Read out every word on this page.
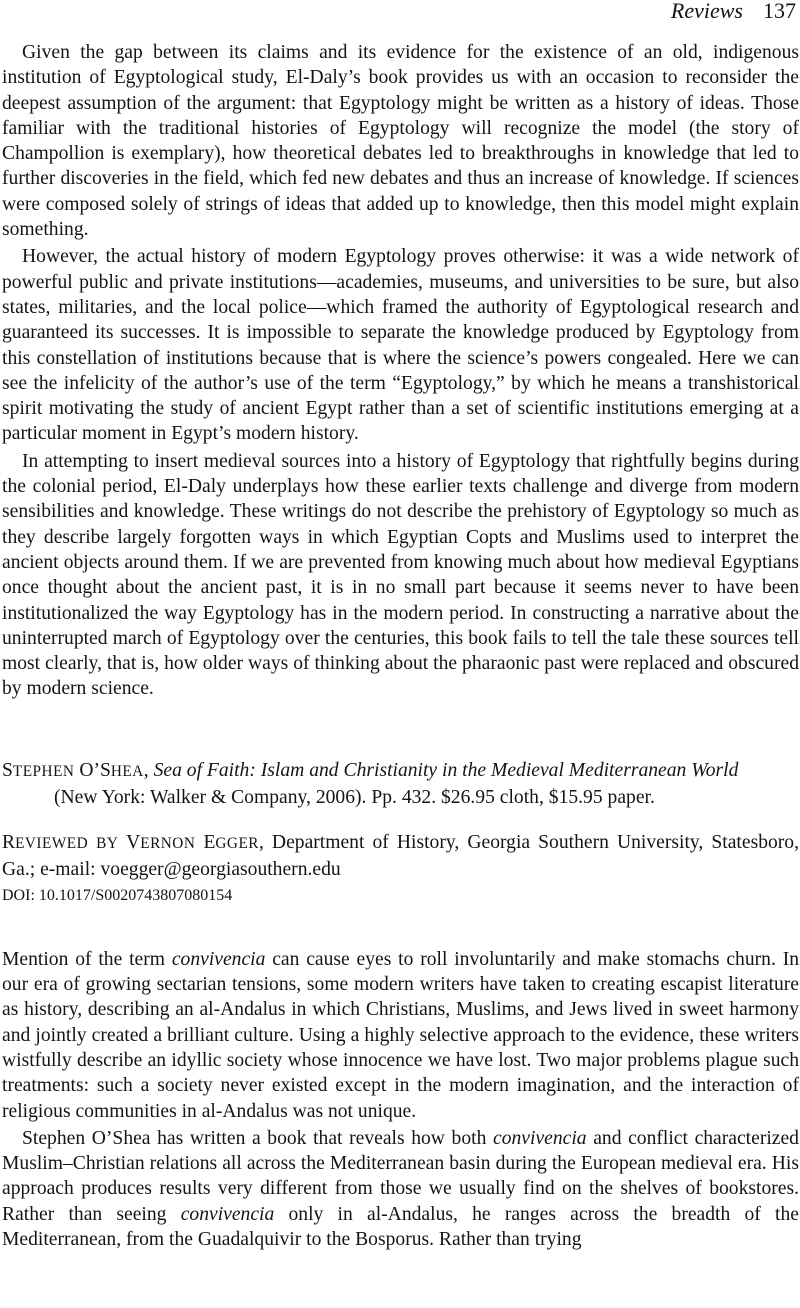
Reviews 137

Given the gap between its claims and its evidence for the existence of an old, indigenous institution of Egyptological study, El-Daly’s book provides us with an occasion to reconsider the deepest assumption of the argument: that Egyptology might be written as a history of ideas. Those familiar with the traditional histories of Egyptology will recognize the model (the story of Champollion is exemplary), how theoretical debates led to breakthroughs in knowledge that led to further discoveries in the field, which fed new debates and thus an increase of knowledge. If sciences were composed solely of strings of ideas that added up to knowledge, then this model might explain something.

However, the actual history of modern Egyptology proves otherwise: it was a wide network of powerful public and private institutions—academies, museums, and universities to be sure, but also states, militaries, and the local police—which framed the authority of Egyptological research and guaranteed its successes. It is impossible to separate the knowledge produced by Egyptology from this constellation of institutions because that is where the science’s powers congealed. Here we can see the infelicity of the author’s use of the term “Egyptology,” by which he means a transhistorical spirit motivating the study of ancient Egypt rather than a set of scientific institutions emerging at a particular moment in Egypt’s modern history.

In attempting to insert medieval sources into a history of Egyptology that rightfully begins during the colonial period, El-Daly underplays how these earlier texts challenge and diverge from modern sensibilities and knowledge. These writings do not describe the prehistory of Egyptology so much as they describe largely forgotten ways in which Egyptian Copts and Muslims used to interpret the ancient objects around them. If we are prevented from knowing much about how medieval Egyptians once thought about the ancient past, it is in no small part because it seems never to have been institutionalized the way Egyptology has in the modern period. In constructing a narrative about the uninterrupted march of Egyptology over the centuries, this book fails to tell the tale these sources tell most clearly, that is, how older ways of thinking about the pharaonic past were replaced and obscured by modern science.

STEPHEN O’SHEA, Sea of Faith: Islam and Christianity in the Medieval Mediterranean World
(New York: Walker & Company, 2006). Pp. 432. $26.95 cloth, $15.95 paper.
REVIEWED BY VERNON EGGER, Department of History, Georgia Southern University, Statesboro, Ga.; e-mail: voegger@georgiasouthern.edu
DOI: 10.1017/S0020743807080154

Mention of the term convivencia can cause eyes to roll involuntarily and make stomachs churn. In our era of growing sectarian tensions, some modern writers have taken to creating escapist literature as history, describing an al-Andalus in which Christians, Muslims, and Jews lived in sweet harmony and jointly created a brilliant culture. Using a highly selective approach to the evidence, these writers wistfully describe an idyllic society whose innocence we have lost. Two major problems plague such treatments: such a society never existed except in the modern imagination, and the interaction of religious communities in al-Andalus was not unique.

Stephen O’Shea has written a book that reveals how both convivencia and conflict characterized Muslim–Christian relations all across the Mediterranean basin during the European medieval era. His approach produces results very different from those we usually find on the shelves of bookstores. Rather than seeing convivencia only in al-Andalus, he ranges across the breadth of the Mediterranean, from the Guadalquivir to the Bosporus. Rather than trying
